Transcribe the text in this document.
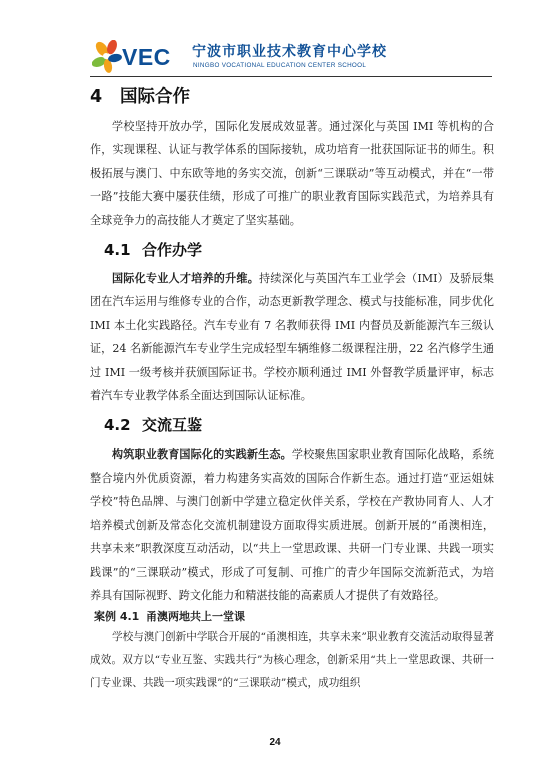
VEC 宁波市职业技术教育中心学校
NINGBO VOCATIONAL EDUCATION CENTER SCHOOL
4 国际合作

学校坚持开放办学，国际化发展成效显著。通过深化与英国 IMI 等机构的合作，实现课程、认证与教学体系的国际接轨，成功培育一批获国际证书的师生。积极拓展与澳门、中东欧等地的务实交流，创新“三课联动”等互动模式，并在“一带一路”技能大赛中屡获佳绩，形成了可推广的职业教育国际实践范式，为培养具有全球竞争力的高技能人才奠定了坚实基础。

4.1 合作办学

国际化专业人才培养的升维。持续深化与英国汽车工业学会（IMI）及骄辰集团在汽车运用与维修专业的合作，动态更新教学理念、模式与技能标准，同步优化 IMI 本土化实践路径。汽车专业有 7 名教师获得 IMI 内督员及新能源汽车三级认证，24 名新能源汽车专业学生完成轻型车辆维修二级课程注册，22 名汽修学生通过 IMI 一级考核并获颁国际证书。学校亦顺利通过 IMI 外督教学质量评审，标志着汽车专业教学体系全面达到国际认证标准。

4.2 交流互鉴

构筑职业教育国际化的实践新生态。学校聚焦国家职业教育国际化战略，系统整合境内外优质资源，着力构建务实高效的国际合作新生态。通过打造“亚运姐妹学校”特色品牌、与澳门创新中学建立稳定伙伴关系，学校在产教协同育人、人才培养模式创新及常态化交流机制建设方面取得实质进展。创新开展的“甬澳相连，共享未来”职教深度互动活动，以“共上一堂思政课、共研一门专业课、共践一项实践课”的“三课联动”模式，形成了可复制、可推广的青少年国际交流新范式，为培养具有国际视野、跨文化能力和精湛技能的高素质人才提供了有效路径。

案例 4.1 甬澳两地共上一堂课

学校与澳门创新中学联合开展的“甬澳相连，共享未来”职业教育交流活动取得显著成效。双方以“专业互鉴、实践共行”为核心理念，创新采用“共上一堂思政课、共研一门专业课、共践一项实践课”的“三课联动”模式，成功组织

24
